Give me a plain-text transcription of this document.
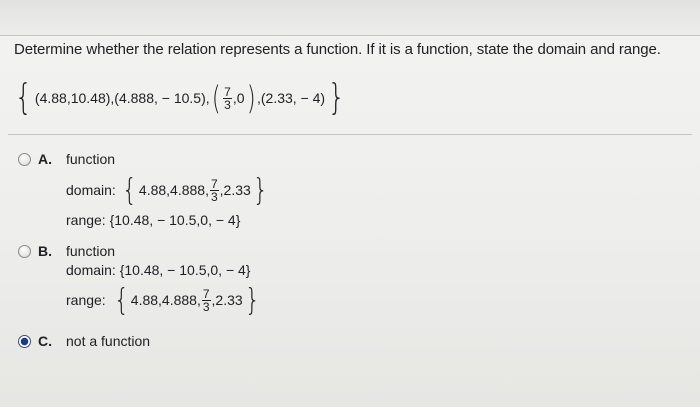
Determine whether the relation represents a function. If it is a function, state the domain and range.
{ (4.88,10.48),(4.888, − 10.5), ( $\frac{7}{3} ,0$ ) ,(2.33, − 4) }
A. function
domain: { 4.88,4.888, $\frac{7}{3} ,2.33$ }
range: {10.48, − 10.5,0, − 4}
B. function
domain: {10.48, − 10.5,0, − 4}
range: { 4.88,4.888, $\frac{7}{3} ,2.33$ }
C. not a function
